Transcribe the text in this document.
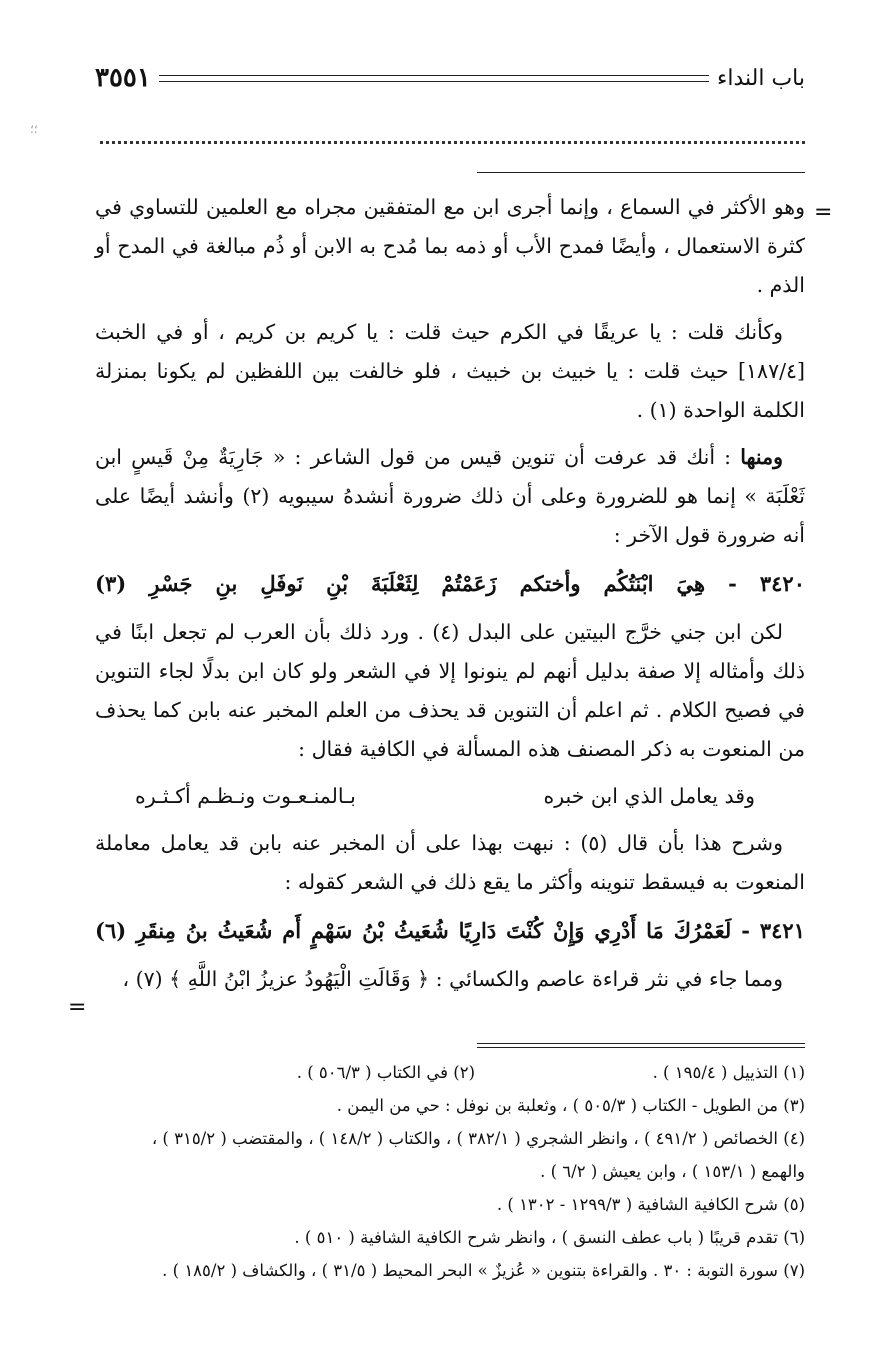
؛؛
باب النداء
٣٥٥١
=

وهو الأكثر في السماع ، وإنما أجرى ابن مع المتفقين مجراه مع العلمين للتساوي في كثرة الاستعمال ، وأيضًا فمدح الأب أو ذمه بما مُدح به الابن أو ذُم مبالغة في المدح أو الذم .

وكأنك قلت : يا عريقًا في الكرم حيث قلت : يا كريم بن كريم ، أو في الخبث [١٨٧/٤] حيث قلت : يا خبيث بن خبيث ، فلو خالفت بين اللفظين لم يكونا بمنزلة الكلمة الواحدة (١) .

ومنها : أنك قد عرفت أن تنوين قيس من قول الشاعر : « جَارِيَةٌ مِنْ قَيسٍ ابن ثَعْلَبَة » إنما هو للضرورة وعلى أن ذلك ضرورة أنشدهُ سيبويه (٢) وأنشد أيضًا على أنه ضرورة قول الآخر :

٣٤٢٠ - هِيَ ابْنَتُكُم وأختكم زَعَمْتُمْ لِثَعْلَبَةَ بْنِ نَوفَلِ بنِ جَسْرِ (٣)

لكن ابن جني خرَّج البيتين على البدل (٤) . ورد ذلك بأن العرب لم تجعل ابنًا في ذلك وأمثاله إلا صفة بدليل أنهم لم ينونوا إلا في الشعر ولو كان ابن بدلًا لجاء التنوين في فصيح الكلام . ثم اعلم أن التنوين قد يحذف من العلم المخبر عنه بابن كما يحذف من المنعوت به ذكر المصنف هذه المسألة في الكافية فقال :

وقد يعامل الذي ابن خبره
بـالمنـعـوت ونـظـم أكـثـره

وشرح هذا بأن قال (٥) : نبهت بهذا على أن المخبر عنه بابن قد يعامل معاملة المنعوت به فيسقط تنوينه وأكثر ما يقع ذلك في الشعر كقوله :

٣٤٢١ - لَعَمْرُكَ مَا أَدْرِي وَإِنْ كُنْتَ دَارِيًا شُعَيثُ بْنُ سَهْمٍ أَم شُعَيثُ بنُ مِنقَرِ (٦)

ومما جاء في نثر قراءة عاصم والكسائي : ﴿ وَقَالَتِ الْيَهُودُ عزيزُ ابْنُ اللَّهِ ﴾ (٧) ،

=
(١) التذييل ( ١٩٥/٤ ) .
(٢) في الكتاب ( ٥٠٦/٣ ) .
(٣) من الطويل - الكتاب ( ٥٠٥/٣ ) ، وثعلبة بن نوفل : حي من اليمن .
(٤) الخصائص ( ٤٩١/٢ ) ، وانظر الشجري ( ٣٨٢/١ ) ، والكتاب ( ١٤٨/٢ ) ، والمقتضب ( ٣١٥/٢ ) ،
والهمع ( ١٥٣/١ ) ، وابن يعيش ( ٦/٢ ) .
(٥) شرح الكافية الشافية ( ١٢٩٩/٣ - ١٣٠٢ ) .
(٦) تقدم قريبًا ( باب عطف النسق ) ، وانظر شرح الكافية الشافية ( ٥١٠ ) .
(٧) سورة التوبة : ٣٠ . والقراءة بتنوين « عُزيزٌ » البحر المحيط ( ٣١/٥ ) ، والكشاف ( ١٨٥/٢ ) .
